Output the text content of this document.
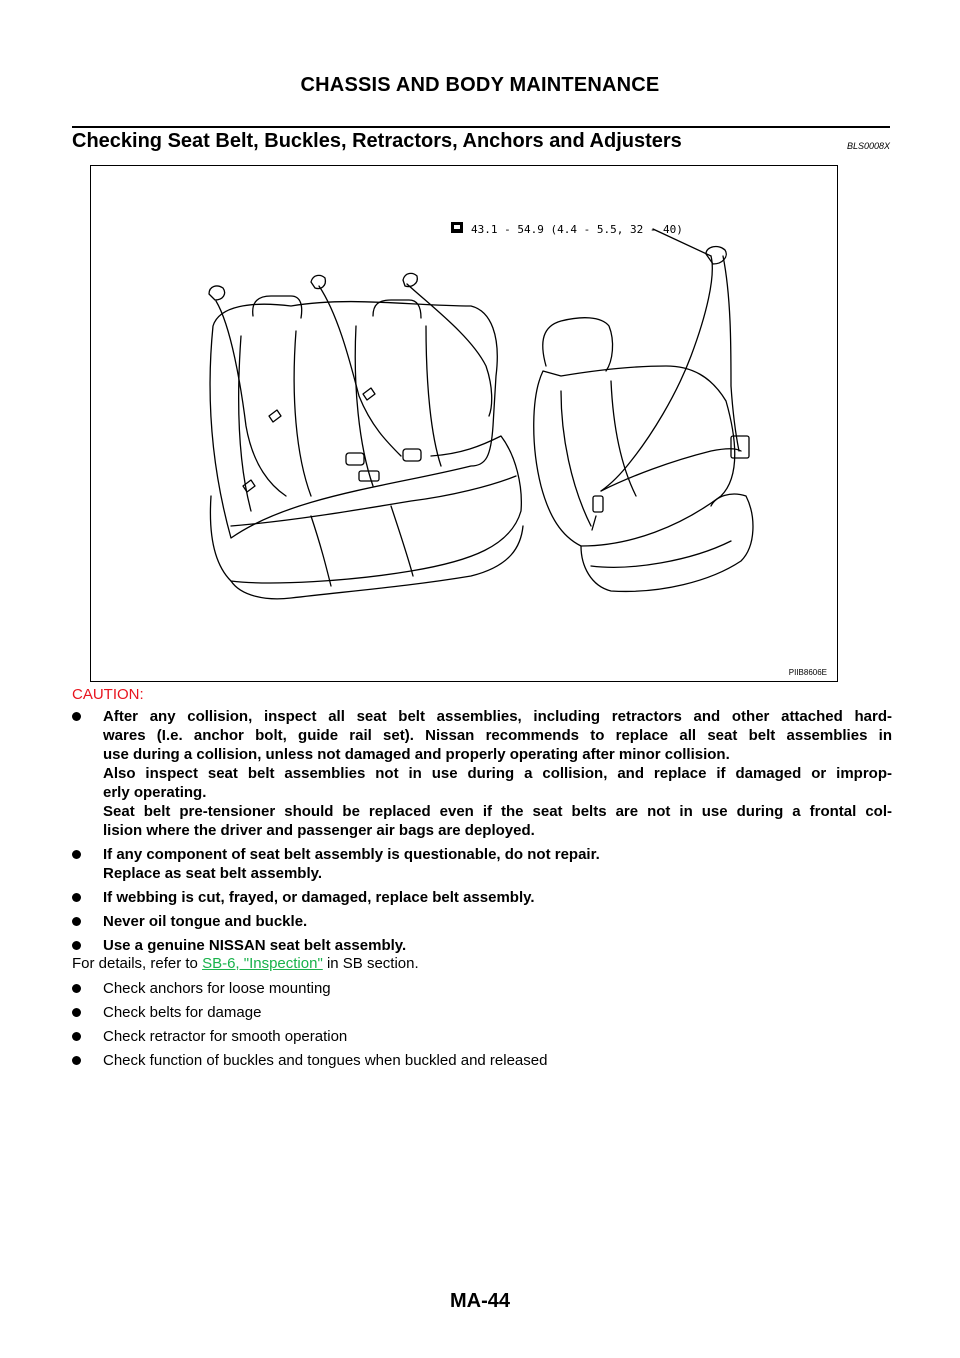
CHASSIS AND BODY MAINTENANCE
Checking Seat Belt, Buckles, Retractors, Anchors and Adjusters	BLS0008X
43.1 - 54.9 (4.4 - 5.5, 32 - 40)
PIIB8606E
CAUTION:
After any collision, inspect all seat belt assemblies, including retractors and other attached hard-
wares (I.e. anchor bolt, guide rail set). Nissan recommends to replace all seat belt assemblies in
use during a collision, unless not damaged and properly operating after minor collision.
Also inspect seat belt assemblies not in use during a collision, and replace if damaged or improp-
erly operating.
Seat belt pre-tensioner should be replaced even if the seat belts are not in use during a frontal col-
lision where the driver and passenger air bags are deployed.
If any component of seat belt assembly is questionable, do not repair.
Replace as seat belt assembly.
If webbing is cut, frayed, or damaged, replace belt assembly.
Never oil tongue and buckle.
Use a genuine NISSAN seat belt assembly.
For details, refer to SB-6, "Inspection" in SB section.
Check anchors for loose mounting
Check belts for damage
Check retractor for smooth operation
Check function of buckles and tongues when buckled and released
MA-44
